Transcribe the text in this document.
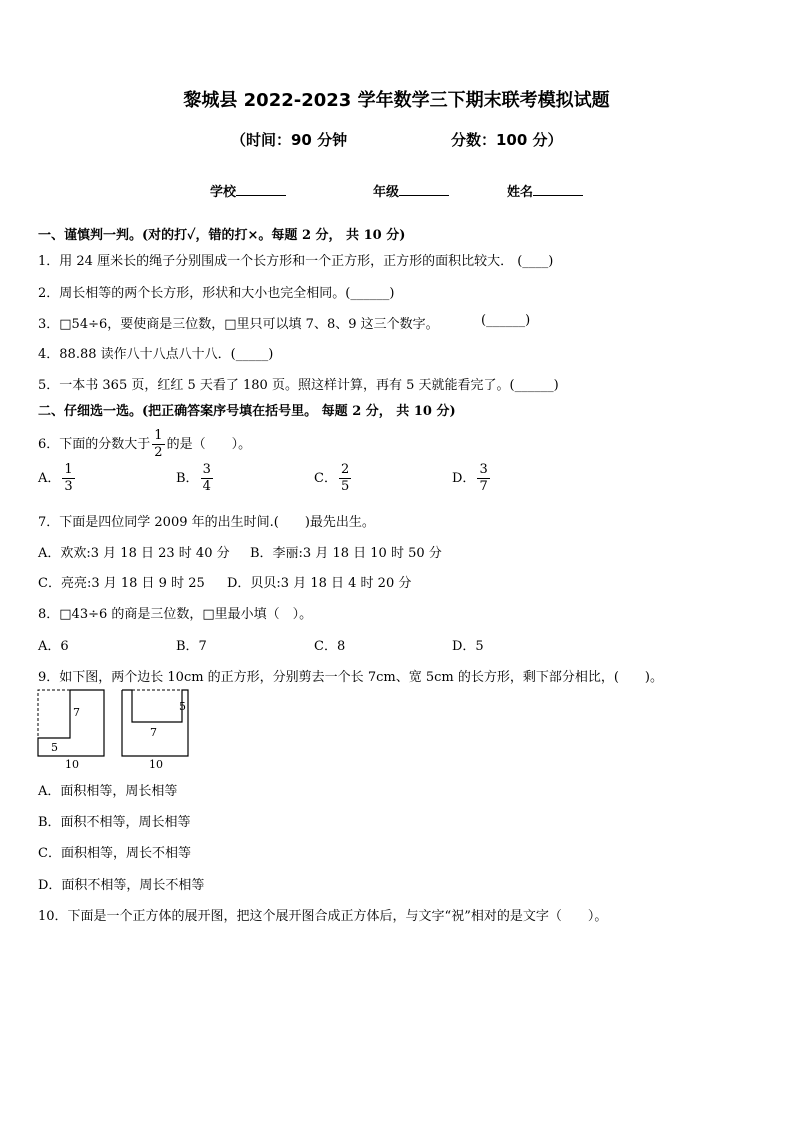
黎城县 2022-2023 学年数学三下期末联考模拟试题
（时间：90 分钟	分数：100 分）
学校	年级	姓名
一、谨慎判一判。(对的打✓，错的打×。每题 2 分， 共 10 分)
1．用 24 厘米长的绳子分别围成一个长方形和一个正方形，正方形的面积比较大． (____)
2．周长相等的两个长方形，形状和大小也完全相同。(______)
3．□54÷6，要使商是三位数，□里只可以填 7、8、9 这三个数字。	(______)
4．88.88 读作八十八点八十八．(_____)
5．一本书 365 页，红红 5 天看了 180 页。照这样计算，再有 5 天就能看完了。(______)
二、仔细选一选。(把正确答案序号填在括号里。 每题 2 分， 共 10 分)
6．下面的分数大于 $\frac{1}{2}$ 的是（　　）。
A． $\frac{1}{3}$	B． $\frac{3}{4}$	C． $\frac{2}{5}$	D． $\frac{3}{7}$
7．下面是四位同学 2009 年的出生时间.(　　)最先出生。
A．欢欢:3 月 18 日 23 时 40 分 B．李丽:3 月 18 日 10 时 50 分
C．亮亮:3 月 18 日 9 时 25 D．贝贝:3 月 18 日 4 时 20 分
8．□43÷6 的商是三位数，□里最小填（　）。
A．6	B．7	C．8	D．5
9．如下图，两个边长 10cm 的正方形，分别剪去一个长 7cm、宽 5cm 的长方形，剩下部分相比，(　　)。
7
5
10
5
7
10
A．面积相等，周长相等
B．面积不相等，周长相等
C．面积相等，周长不相等
D．面积不相等，周长不相等
10．下面是一个正方体的展开图，把这个展开图合成正方体后，与文字“祝”相对的是文字（　　）。
